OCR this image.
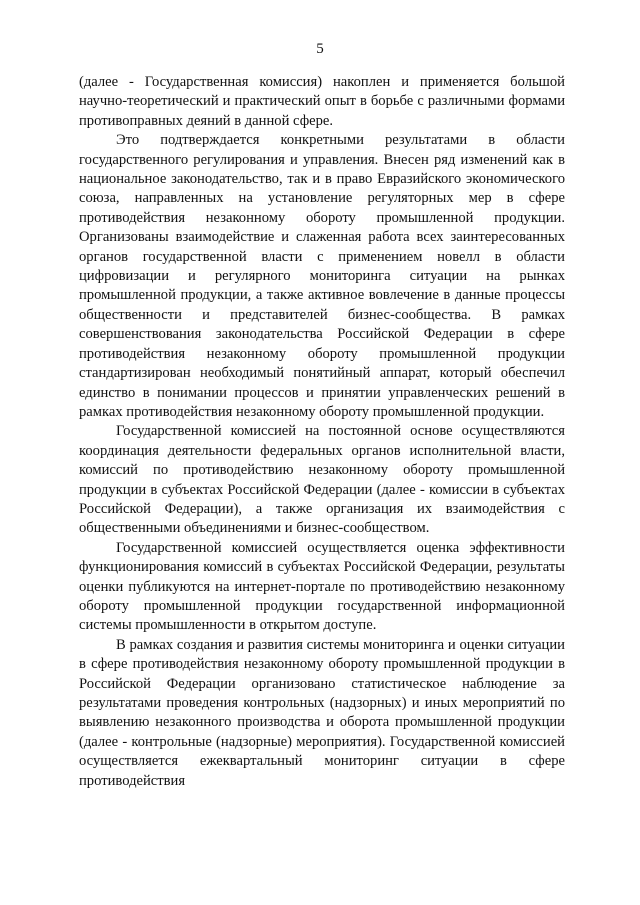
5

(далее - Государственная комиссия) накоплен и применяется большой научно-теоретический и практический опыт в борьбе с различными формами противоправных деяний в данной сфере.

Это подтверждается конкретными результатами в области государственного регулирования и управления. Внесен ряд изменений как в национальное законодательство, так и в право Евразийского экономического союза, направленных на установление регуляторных мер в сфере противодействия незаконному обороту промышленной продукции. Организованы взаимодействие и слаженная работа всех заинтересованных органов государственной власти с применением новелл в области цифровизации и регулярного мониторинга ситуации на рынках промышленной продукции, а также активное вовлечение в данные процессы общественности и представителей бизнес-сообщества. В рамках совершенствования законодательства Российской Федерации в сфере противодействия незаконному обороту промышленной продукции стандартизирован необходимый понятийный аппарат, который обеспечил единство в понимании процессов и принятии управленческих решений в рамках противодействия незаконному обороту промышленной продукции.

Государственной комиссией на постоянной основе осуществляются координация деятельности федеральных органов исполнительной власти, комиссий по противодействию незаконному обороту промышленной продукции в субъектах Российской Федерации (далее - комиссии в субъектах Российской Федерации), а также организация их взаимодействия с общественными объединениями и бизнес-сообществом.

Государственной комиссией осуществляется оценка эффективности функционирования комиссий в субъектах Российской Федерации, результаты оценки публикуются на интернет-портале по противодействию незаконному обороту промышленной продукции государственной информационной системы промышленности в открытом доступе.

В рамках создания и развития системы мониторинга и оценки ситуации в сфере противодействия незаконному обороту промышленной продукции в Российской Федерации организовано статистическое наблюдение за результатами проведения контрольных (надзорных) и иных мероприятий по выявлению незаконного производства и оборота промышленной продукции (далее - контрольные (надзорные) мероприятия). Государственной комиссией осуществляется ежеквартальный мониторинг ситуации в сфере противодействия
